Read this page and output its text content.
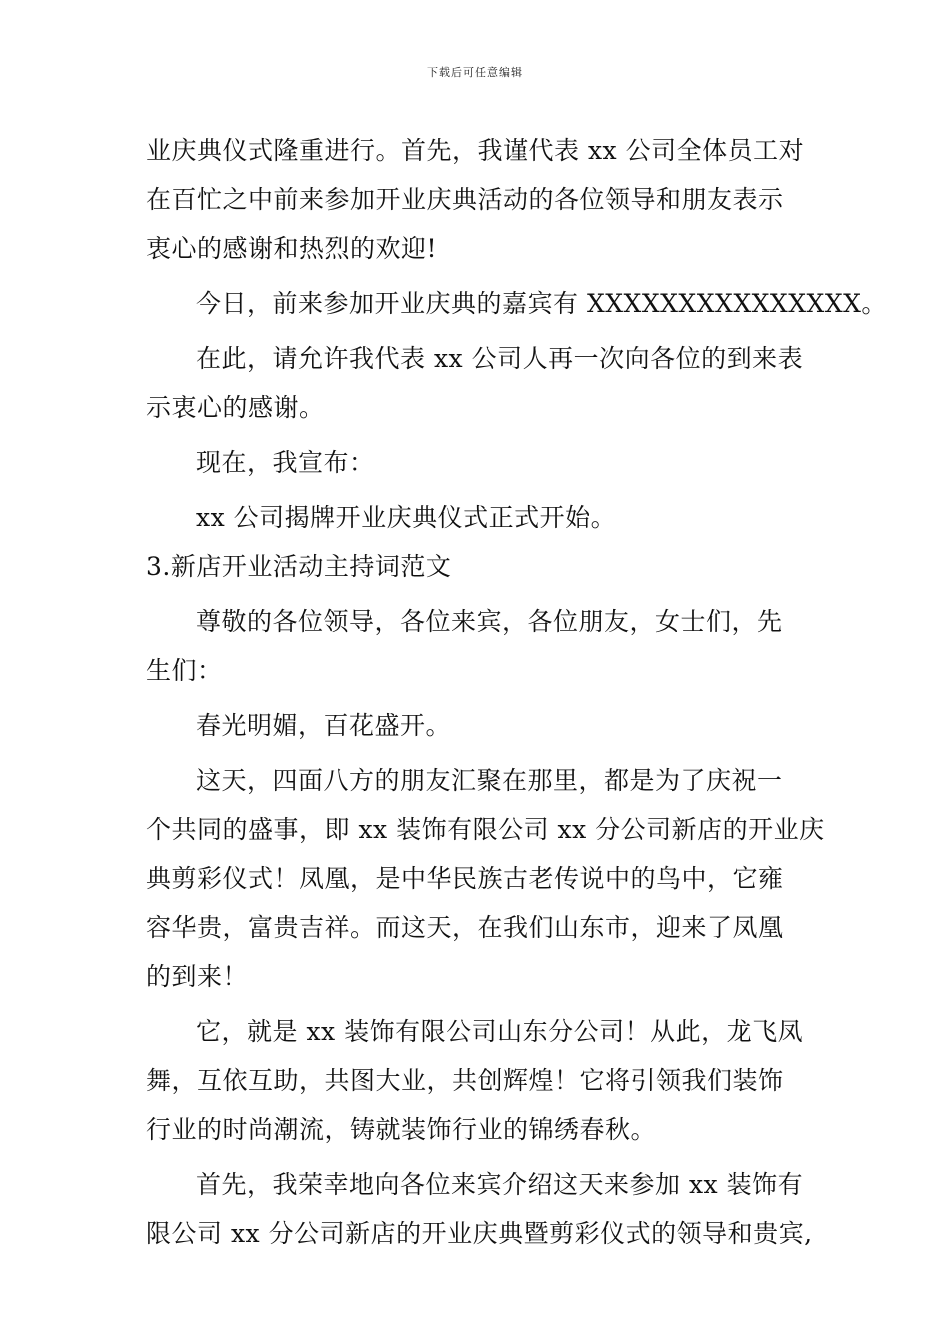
下载后可任意编辑
业庆典仪式隆重进行。首先，我谨代表 xx 公司全体员工对
在百忙之中前来参加开业庆典活动的各位领导和朋友表示
衷心的感谢和热烈的欢迎!
今日，前来参加开业庆典的嘉宾有 XXXXXXXXXXXXXXX。
在此，请允许我代表 xx 公司人再一次向各位的到来表
示衷心的感谢。
现在，我宣布：
xx 公司揭牌开业庆典仪式正式开始。
3.新店开业活动主持词范文
尊敬的各位领导，各位来宾，各位朋友，女士们，先
生们：
春光明媚，百花盛开。
这天，四面八方的朋友汇聚在那里，都是为了庆祝一
个共同的盛事，即 xx 装饰有限公司 xx 分公司新店的开业庆
典剪彩仪式！凤凰，是中华民族古老传说中的鸟中，它雍
容华贵，富贵吉祥。而这天，在我们山东市，迎来了凤凰
的到来！
它，就是 xx 装饰有限公司山东分公司！从此，龙飞凤
舞，互依互助，共图大业，共创辉煌！它将引领我们装饰
行业的时尚潮流，铸就装饰行业的锦绣春秋。
首先，我荣幸地向各位来宾介绍这天来参加 xx 装饰有
限公司 xx 分公司新店的开业庆典暨剪彩仪式的领导和贵宾,
